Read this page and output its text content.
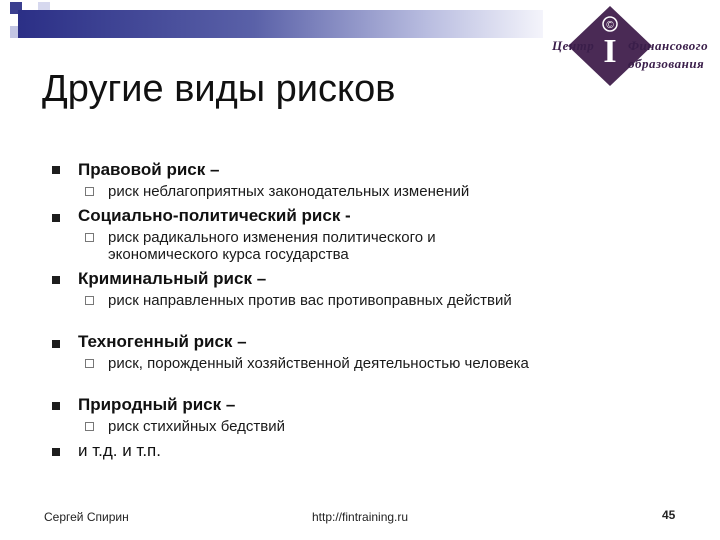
I
©
Центр	Финансового
образования
Другие виды рисков
Правовой риск –
риск неблагоприятных законодательных изменений
Социально-политический риск -
риск радикального изменения политического и экономического курса государства
Криминальный риск –
риск направленных против вас противоправных действий
Техногенный риск –
риск, порожденный хозяйственной деятельностью человека
Природный риск –
риск стихийных бедствий
и т.д. и т.п.
Сергей Спирин	http://fintraining.ru	45
